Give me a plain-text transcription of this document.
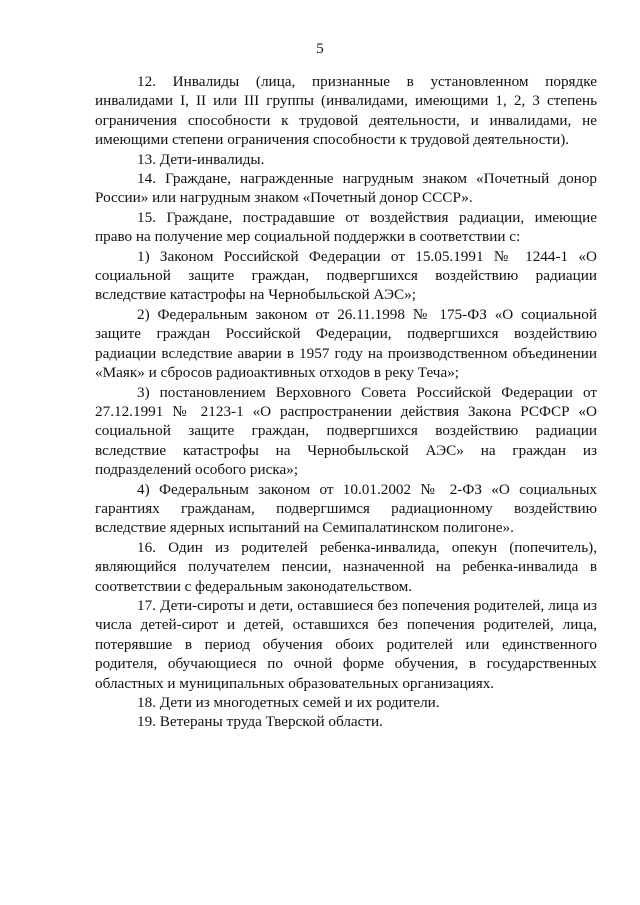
5

12. Инвалиды (лица, признанные в установленном порядке инвалидами I, II или III группы (инвалидами, имеющими 1, 2, 3 степень ограничения способности к трудовой деятельности, и инвалидами, не имеющими степени ограничения способности к трудовой деятельности).

13. Дети-инвалиды.

14. Граждане, награжденные нагрудным знаком «Почетный донор России» или нагрудным знаком «Почетный донор СССР».

15. Граждане, пострадавшие от воздействия радиации, имеющие право на получение мер социальной поддержки в соответствии с:

1) Законом Российской Федерации от 15.05.1991 № 1244-1 «О социальной защите граждан, подвергшихся воздействию радиации вследствие катастрофы на Чернобыльской АЭС»;

2) Федеральным законом от 26.11.1998 № 175-ФЗ «О социальной защите граждан Российской Федерации, подвергшихся воздействию радиации вследствие аварии в 1957 году на производственном объединении «Маяк» и сбросов радиоактивных отходов в реку Теча»;

3) постановлением Верховного Совета Российской Федерации от 27.12.1991 № 2123-1 «О распространении действия Закона РСФСР «О социальной защите граждан, подвергшихся воздействию радиации вследствие катастрофы на Чернобыльской АЭС» на граждан из подразделений особого риска»;

4) Федеральным законом от 10.01.2002 № 2-ФЗ «О социальных гарантиях гражданам, подвергшимся радиационному воздействию вследствие ядерных испытаний на Семипалатинском полигоне».

16. Один из родителей ребенка-инвалида, опекун (попечитель), являющийся получателем пенсии, назначенной на ребенка-инвалида в соответствии с федеральным законодательством.

17. Дети-сироты и дети, оставшиеся без попечения родителей, лица из числа детей-сирот и детей, оставшихся без попечения родителей, лица, потерявшие в период обучения обоих родителей или единственного родителя, обучающиеся по очной форме обучения, в государственных областных и муниципальных образовательных организациях.

18. Дети из многодетных семей и их родители.

19. Ветераны труда Тверской области.
